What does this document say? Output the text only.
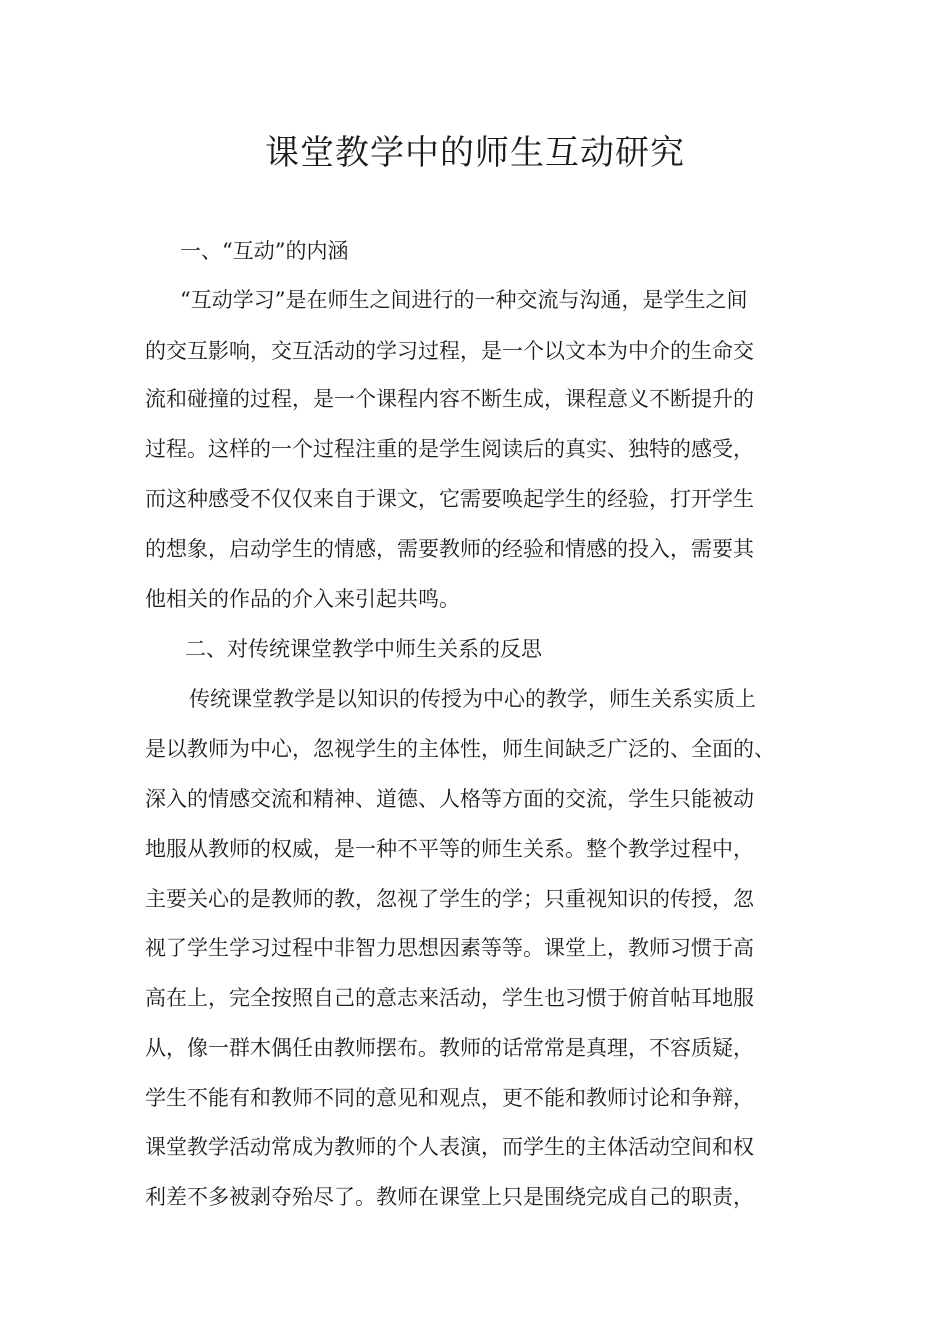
课堂教学中的师生互动研究
一、“互动”的内涵
“互动学习”是在师生之间进行的一种交流与沟通，是学生之间
的交互影响，交互活动的学习过程，是一个以文本为中介的生命交
流和碰撞的过程，是一个课程内容不断生成，课程意义不断提升的
过程。这样的一个过程注重的是学生阅读后的真实、独特的感受，
而这种感受不仅仅来自于课文，它需要唤起学生的经验，打开学生
的想象，启动学生的情感，需要教师的经验和情感的投入，需要其
他相关的作品的介入来引起共鸣。
二、对传统课堂教学中师生关系的反思
传统课堂教学是以知识的传授为中心的教学，师生关系实质上
是以教师为中心，忽视学生的主体性，师生间缺乏广泛的、全面的、
深入的情感交流和精神、道德、人格等方面的交流，学生只能被动
地服从教师的权威，是一种不平等的师生关系。整个教学过程中，
主要关心的是教师的教，忽视了学生的学；只重视知识的传授，忽
视了学生学习过程中非智力思想因素等等。课堂上，教师习惯于高
高在上，完全按照自己的意志来活动，学生也习惯于俯首帖耳地服
从，像一群木偶任由教师摆布。教师的话常常是真理，不容质疑，
学生不能有和教师不同的意见和观点，更不能和教师讨论和争辩，
课堂教学活动常成为教师的个人表演，而学生的主体活动空间和权
利差不多被剥夺殆尽了。教师在课堂上只是围绕完成自己的职责，
